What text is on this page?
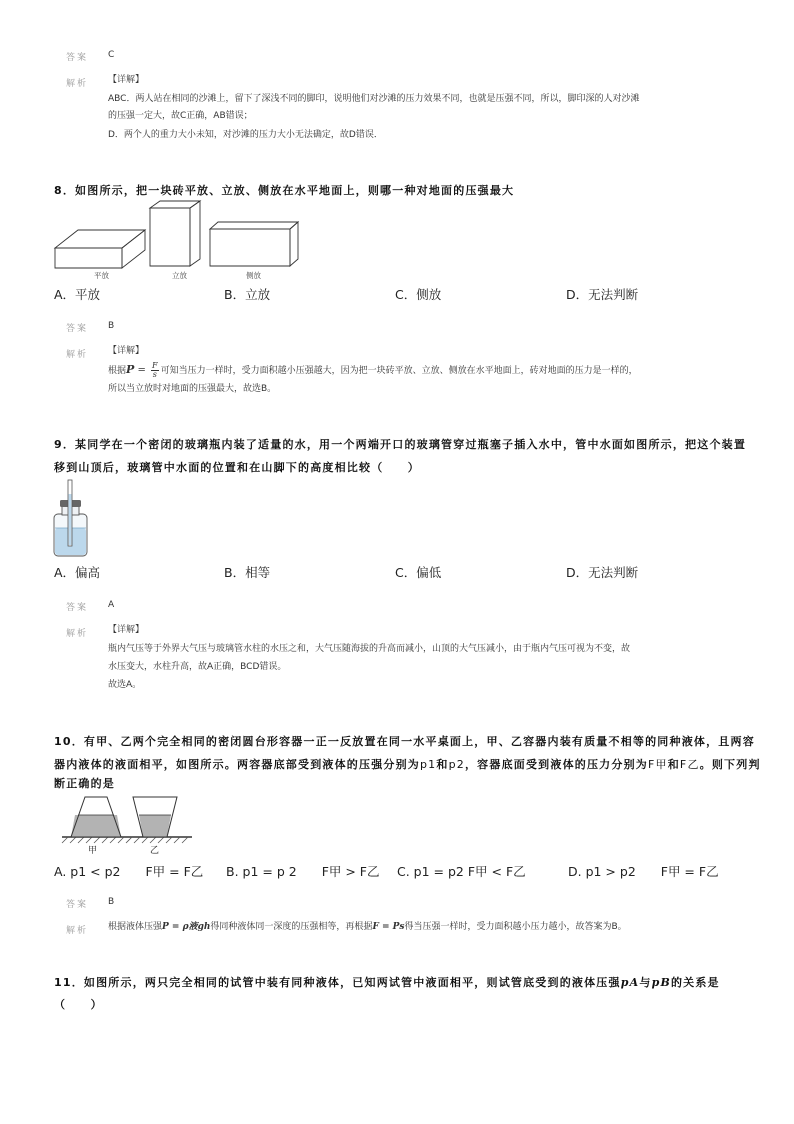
答案 C
解析 【详解】
ABC．两人站在相同的沙滩上，留下了深浅不同的脚印，说明他们对沙滩的压力效果不同，也就是压强不同，所以，脚印深的人对沙滩
的压强一定大，故C正确，AB错误；
D．两个人的重力大小未知，对沙滩的压力大小无法确定，故D错误．
8．如图所示，把一块砖平放、立放、侧放在水平地面上，则哪一种对地面的压强最大
平放	立放	侧放
A．平放	B．立放	C．侧放	D．无法判断
答案 B
解析 【详解】
根据$P = \frac{F}{s}$ 可知当压力一样时，受力面积越小压强越大，因为把一块砖平放、立放、侧放在水平地面上，砖对地面的压力是一样的，
所以当立放时对地面的压强最大，故选B。
9．某同学在一个密闭的玻璃瓶内装了适量的水，用一个两端开口的玻璃管穿过瓶塞子插入水中，管中水面如图所示，把这个装置
移到山顶后，玻璃管中水面的位置和在山脚下的高度相比较（　　）
A．偏高	B．相等	C．偏低	D．无法判断
答案 A
解析 【详解】
瓶内气压等于外界大气压与玻璃管水柱的水压之和，大气压随海拔的升高而减小，山顶的大气压减小，由于瓶内气压可视为不变，故
水压变大，水柱升高，故A正确，BCD错误。
故选A。
10．有甲、乙两个完全相同的密闭圆台形容器一正一反放置在同一水平桌面上，甲、乙容器内装有质量不相等的同种液体，且两容
器内液体的液面相平，如图所示。两容器底部受到液体的压强分别为p1和p2，容器底面受到液体的压力分别为F甲和F乙。则下列判
断正确的是
甲	乙
A. p1 < p2　　F甲 = F乙 B. p1 = p 2　　F甲 > F乙 C. p1 = p2 F甲 < F乙	D. p1 > p2　　F甲 = F乙
答案 B
解析 根据液体压强P = ρ液gh得同种液体同一深度的压强相等，再根据F = Ps得当压强一样时，受力面积越小压力越小，故答案为B。
11．如图所示，两只完全相同的试管中装有同种液体，已知两试管中液面相平，则试管底受到的液体压强pA与pB的关系是
（　　）
